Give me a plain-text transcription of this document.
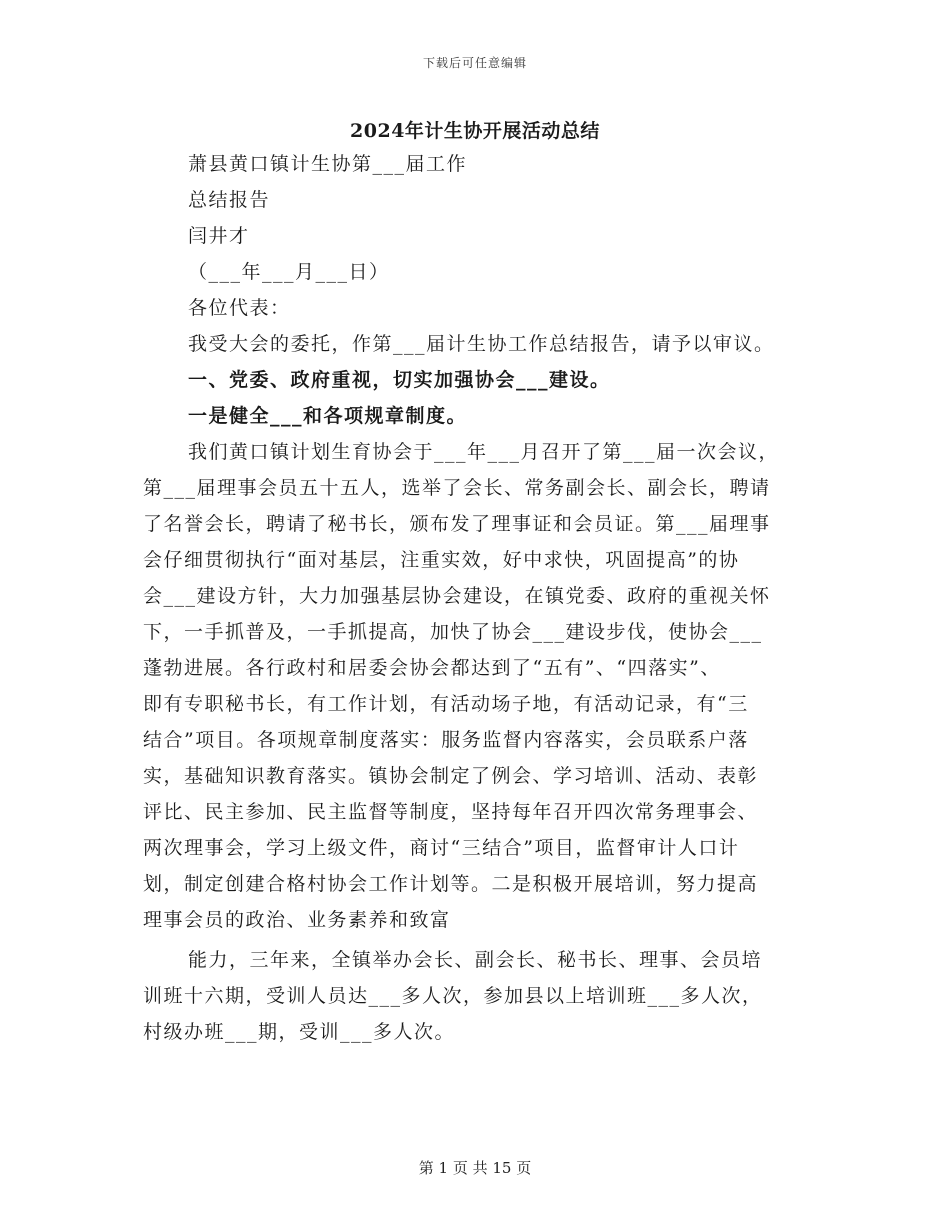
下载后可任意编辑
2024年计生协开展活动总结
萧县黄口镇计生协第___届工作
总结报告
闫井才
（___年___月___日）
各位代表：
我受大会的委托，作第___届计生协工作总结报告，请予以审议。
一、党委、政府重视，切实加强协会___建设。
一是健全___和各项规章制度。
我们黄口镇计划生育协会于___年___月召开了第___届一次会议，
第___届理事会员五十五人，选举了会长、常务副会长、副会长，聘请
了名誉会长，聘请了秘书长，颁布发了理事证和会员证。第___届理事
会仔细贯彻执行“面对基层，注重实效，好中求快，巩固提高”的协
会___建设方针，大力加强基层协会建设，在镇党委、政府的重视关怀
下，一手抓普及，一手抓提高，加快了协会___建设步伐，使协会___
蓬勃进展。各行政村和居委会协会都达到了“五有”、“四落实”、
即有专职秘书长，有工作计划，有活动场子地，有活动记录，有“三
结合”项目。各项规章制度落实：服务监督内容落实，会员联系户落
实，基础知识教育落实。镇协会制定了例会、学习培训、活动、表彰
评比、民主参加、民主监督等制度，坚持每年召开四次常务理事会、
两次理事会，学习上级文件，商讨“三结合”项目，监督审计人口计
划，制定创建合格村协会工作计划等。二是积极开展培训，努力提高
理事会员的政治、业务素养和致富
能力，三年来，全镇举办会长、副会长、秘书长、理事、会员培
训班十六期，受训人员达___多人次，参加县以上培训班___多人次，
村级办班___期，受训___多人次。
第 1 页 共 15 页
